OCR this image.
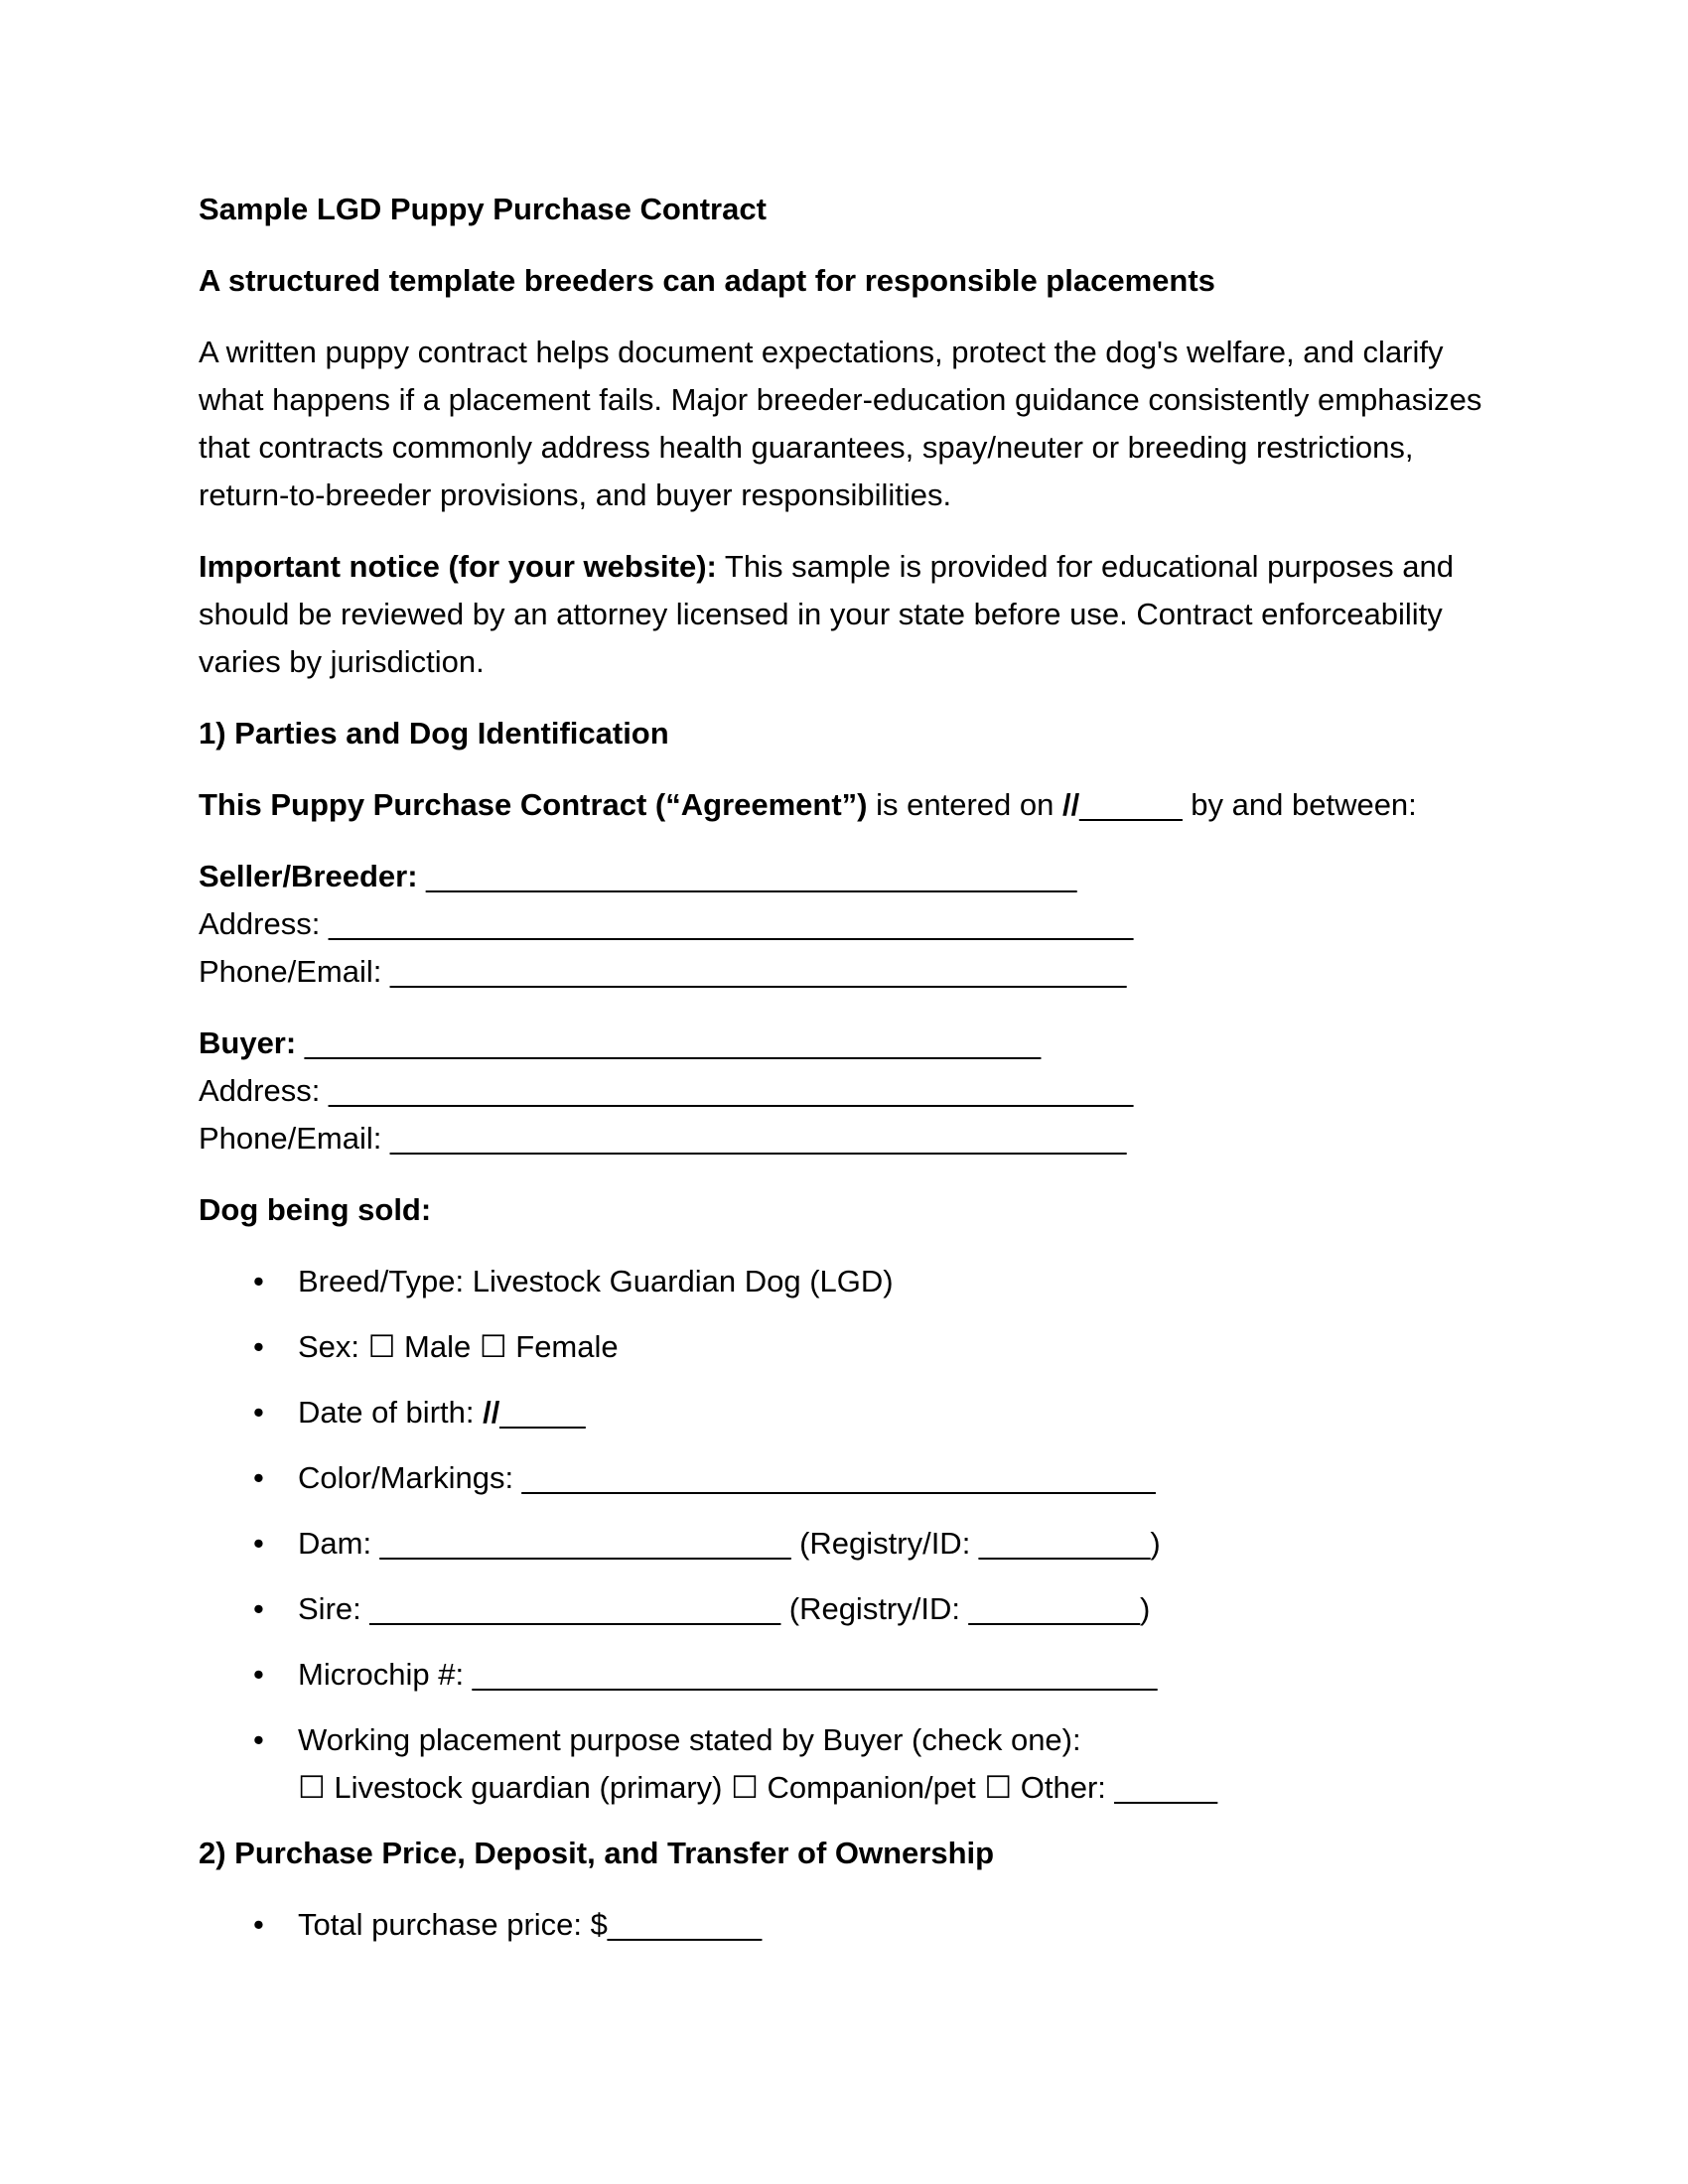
Sample LGD Puppy Purchase Contract
A structured template breeders can adapt for responsible placements

A written puppy contract helps document expectations, protect the dog's welfare, and clarify what happens if a placement fails. Major breeder-education guidance consistently emphasizes that contracts commonly address health guarantees, spay/neuter or breeding restrictions, return-to-breeder provisions, and buyer responsibilities.

Important notice (for your website): This sample is provided for educational purposes and should be reviewed by an attorney licensed in your state before use. Contract enforceability varies by jurisdiction.

1) Parties and Dog Identification

This Puppy Purchase Contract (“Agreement”) is entered on //______ by and between:

Seller/Breeder: ______________________________________
Address: _______________________________________________
Phone/Email: ___________________________________________
Buyer: ___________________________________________
Address: _______________________________________________
Phone/Email: ___________________________________________
Dog being sold:
• Breed/Type: Livestock Guardian Dog (LGD)
• Sex: ☐ Male ☐ Female
• Date of birth: //_____
• Color/Markings: _____________________________________
• Dam: ________________________ (Registry/ID: __________)
• Sire: ________________________ (Registry/ID: __________)
• Microchip #: ________________________________________
• Working placement purpose stated by Buyer (check one):
☐ Livestock guardian (primary) ☐ Companion/pet ☐ Other: ______
2) Purchase Price, Deposit, and Transfer of Ownership
• Total purchase price: $_________
